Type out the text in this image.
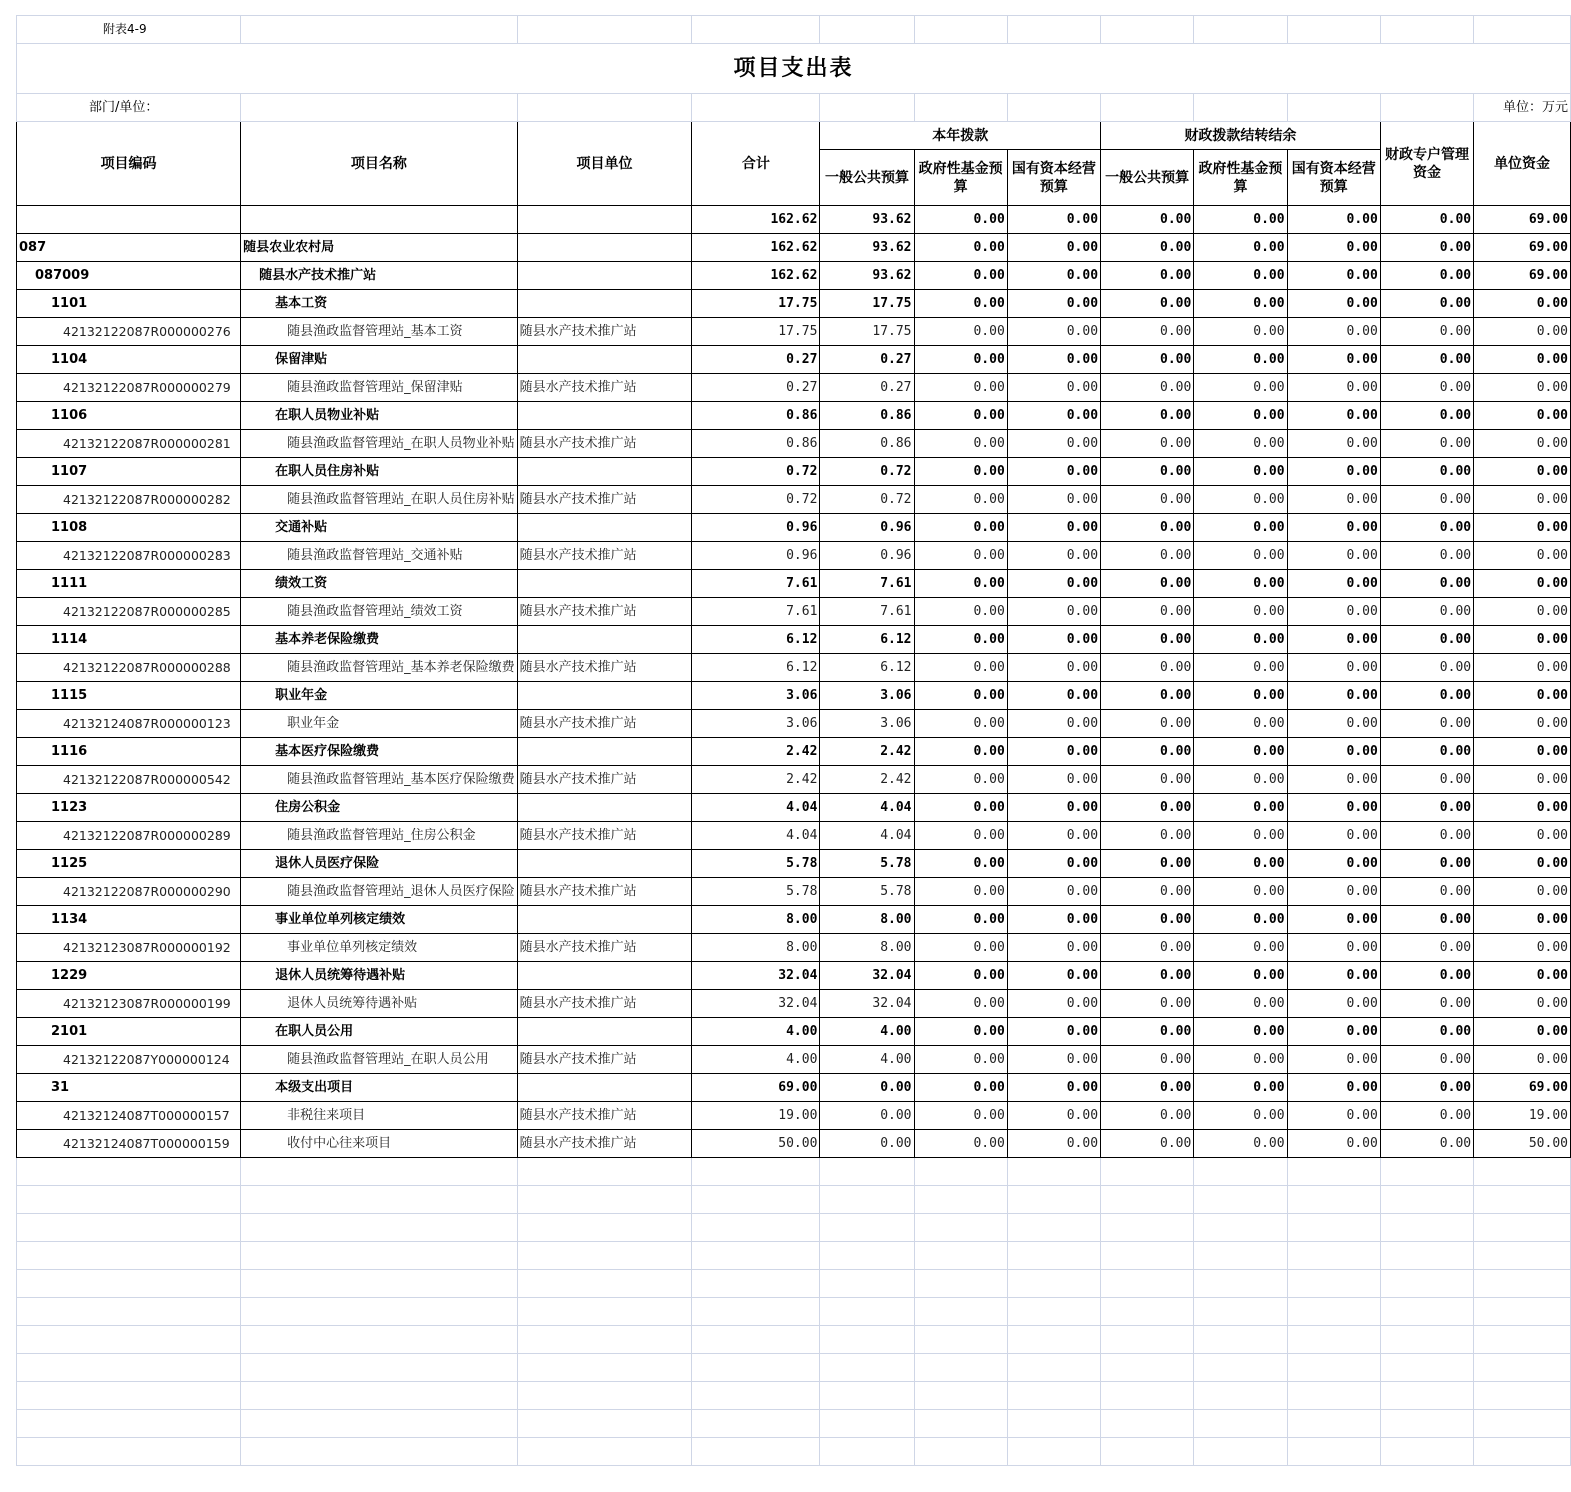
附表4-9											
项目支出表											
部门/单位：											单位：万元
项目编码	项目名称	项目单位	合计	本年拨款			财政拨款结转结余			财政专户管理资金	单位资金
				一般公共预算	政府性基金预算	国有资本经营预算	一般公共预算	政府性基金预算	国有资本经营预算		
			162.62	93.62	0.00	0.00	0.00	0.00	0.00	0.00	69.00
087	随县农业农村局		162.62	93.62	0.00	0.00	0.00	0.00	0.00	0.00	69.00
087009	随县水产技术推广站		162.62	93.62	0.00	0.00	0.00	0.00	0.00	0.00	69.00
1101	基本工资		17.75	17.75	0.00	0.00	0.00	0.00	0.00	0.00	0.00
42132122087R000000276	随县渔政监督管理站_基本工资	随县水产技术推广站	17.75	17.75	0.00	0.00	0.00	0.00	0.00	0.00	0.00
1104	保留津贴		0.27	0.27	0.00	0.00	0.00	0.00	0.00	0.00	0.00
42132122087R000000279	随县渔政监督管理站_保留津贴	随县水产技术推广站	0.27	0.27	0.00	0.00	0.00	0.00	0.00	0.00	0.00
1106	在职人员物业补贴		0.86	0.86	0.00	0.00	0.00	0.00	0.00	0.00	0.00
42132122087R000000281	随县渔政监督管理站_在职人员物业补贴	随县水产技术推广站	0.86	0.86	0.00	0.00	0.00	0.00	0.00	0.00	0.00
1107	在职人员住房补贴		0.72	0.72	0.00	0.00	0.00	0.00	0.00	0.00	0.00
42132122087R000000282	随县渔政监督管理站_在职人员住房补贴	随县水产技术推广站	0.72	0.72	0.00	0.00	0.00	0.00	0.00	0.00	0.00
1108	交通补贴		0.96	0.96	0.00	0.00	0.00	0.00	0.00	0.00	0.00
42132122087R000000283	随县渔政监督管理站_交通补贴	随县水产技术推广站	0.96	0.96	0.00	0.00	0.00	0.00	0.00	0.00	0.00
1111	绩效工资		7.61	7.61	0.00	0.00	0.00	0.00	0.00	0.00	0.00
42132122087R000000285	随县渔政监督管理站_绩效工资	随县水产技术推广站	7.61	7.61	0.00	0.00	0.00	0.00	0.00	0.00	0.00
1114	基本养老保险缴费		6.12	6.12	0.00	0.00	0.00	0.00	0.00	0.00	0.00
42132122087R000000288	随县渔政监督管理站_基本养老保险缴费	随县水产技术推广站	6.12	6.12	0.00	0.00	0.00	0.00	0.00	0.00	0.00
1115	职业年金		3.06	3.06	0.00	0.00	0.00	0.00	0.00	0.00	0.00
42132124087R000000123	职业年金	随县水产技术推广站	3.06	3.06	0.00	0.00	0.00	0.00	0.00	0.00	0.00
1116	基本医疗保险缴费		2.42	2.42	0.00	0.00	0.00	0.00	0.00	0.00	0.00
42132122087R000000542	随县渔政监督管理站_基本医疗保险缴费	随县水产技术推广站	2.42	2.42	0.00	0.00	0.00	0.00	0.00	0.00	0.00
1123	住房公积金		4.04	4.04	0.00	0.00	0.00	0.00	0.00	0.00	0.00
42132122087R000000289	随县渔政监督管理站_住房公积金	随县水产技术推广站	4.04	4.04	0.00	0.00	0.00	0.00	0.00	0.00	0.00
1125	退休人员医疗保险		5.78	5.78	0.00	0.00	0.00	0.00	0.00	0.00	0.00
42132122087R000000290	随县渔政监督管理站_退休人员医疗保险	随县水产技术推广站	5.78	5.78	0.00	0.00	0.00	0.00	0.00	0.00	0.00
1134	事业单位单列核定绩效		8.00	8.00	0.00	0.00	0.00	0.00	0.00	0.00	0.00
42132123087R000000192	事业单位单列核定绩效	随县水产技术推广站	8.00	8.00	0.00	0.00	0.00	0.00	0.00	0.00	0.00
1229	退休人员统筹待遇补贴		32.04	32.04	0.00	0.00	0.00	0.00	0.00	0.00	0.00
42132123087R000000199	退休人员统筹待遇补贴	随县水产技术推广站	32.04	32.04	0.00	0.00	0.00	0.00	0.00	0.00	0.00
2101	在职人员公用		4.00	4.00	0.00	0.00	0.00	0.00	0.00	0.00	0.00
42132122087Y000000124	随县渔政监督管理站_在职人员公用	随县水产技术推广站	4.00	4.00	0.00	0.00	0.00	0.00	0.00	0.00	0.00
31	本级支出项目		69.00	0.00	0.00	0.00	0.00	0.00	0.00	0.00	69.00
42132124087T000000157	非税往来项目	随县水产技术推广站	19.00	0.00	0.00	0.00	0.00	0.00	0.00	0.00	19.00
42132124087T000000159	收付中心往来项目	随县水产技术推广站	50.00	0.00	0.00	0.00	0.00	0.00	0.00	0.00	50.00
